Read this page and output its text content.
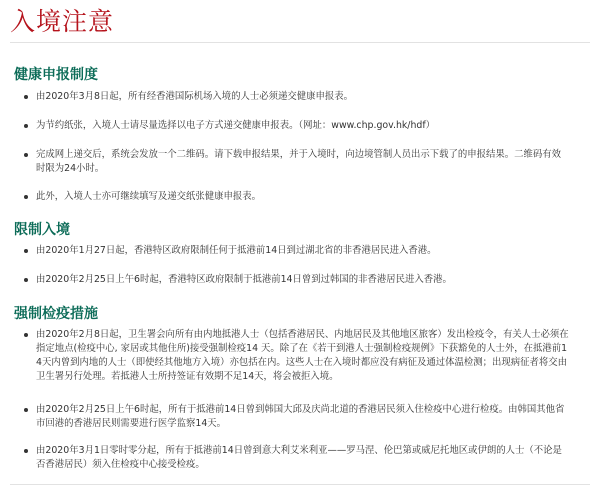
入境注意
健康申报制度
由2020年3月8日起，所有经香港国际机场入境的人士必须递交健康申报表。
为节约纸张，入境人士请尽量选择以电子方式递交健康申报表。（网址：www.chp.gov.hk/hdf）
完成网上递交后，系统会发放一个二维码。请下载申报结果，并于入境时，向边境管制人员出示下载了的申报结果。二维码有效时限为24小时。
此外，入境人士亦可继续填写及递交纸张健康申报表。
限制入境
由2020年1月27日起，香港特区政府限制任何于抵港前14日到过湖北省的非香港居民进入香港。
由2020年2月25日上午6时起，香港特区政府限制于抵港前14日曾到过韩国的非香港居民进入香港。
强制检疫措施
由2020年2月8日起，卫生署会向所有由内地抵港人士（包括香港居民、内地居民及其他地区旅客）发出检疫令，有关人士必须在指定地点(检疫中心, 家居或其他住所)接受强制检疫14 天。除了在《若干到港人士强制检疫规例》下获豁免的人士外，在抵港前14天内曾到内地的人士（即使经其他地方入境）亦包括在内。这些人士在入境时都应没有病征及通过体温检测；出现病征者将交由卫生署另行处理。若抵港人士所持签证有效期不足14天，将会被拒入境。
由2020年2月25日上午6时起，所有于抵港前14日曾到韩国大邱及庆尚北道的香港居民须入住检疫中心进行检疫。由韩国其他省市回港的香港居民则需要进行医学监察14天。
由2020年3月1日零时零分起，所有于抵港前14日曾到意大利艾米利亚——罗马涅、伦巴第或威尼托地区或伊朗的人士（不论是否香港居民）须入住检疫中心接受检疫。
